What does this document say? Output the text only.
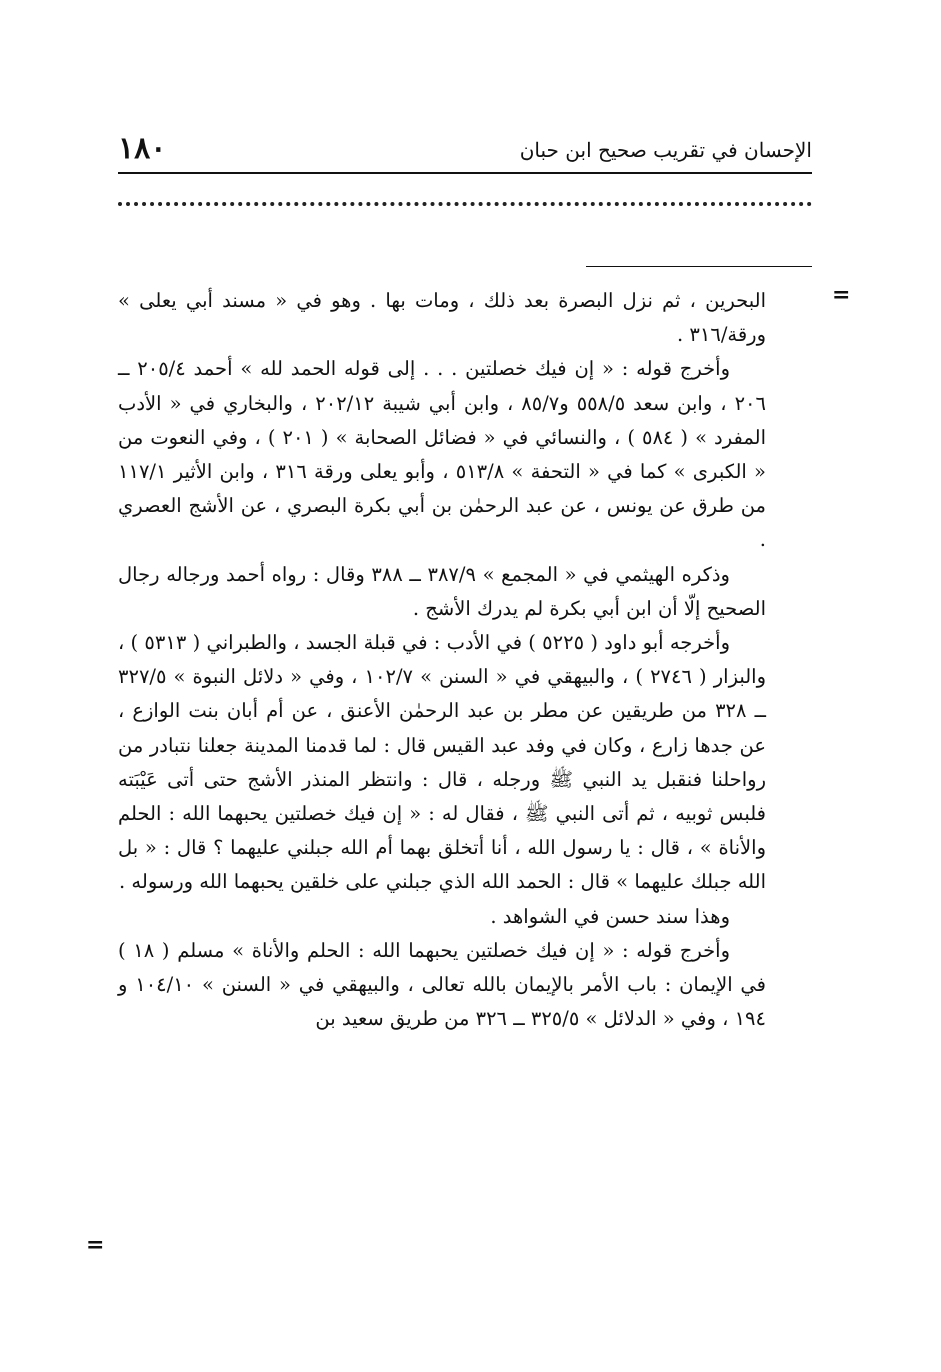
١٨٠	الإحسان في تقريب صحيح ابن حبان
=
=

البحرين ، ثم نزل البصرة بعد ذلك ، ومات بها . وهو في « مسند أبي يعلى » ورقة/٣١٦ .

وأخرج قوله : « إن فيك خصلتين . . . إلى قوله الحمد لله » أحمد ٢٠٥/٤ ــ ٢٠٦ ، وابن سعد ٥٥٨/٥ و٨٥/٧ ، وابن أبي شيبة ٢٠٢/١٢ ، والبخاري في « الأدب المفرد » ( ٥٨٤ ) ، والنسائي في « فضائل الصحابة » ( ٢٠١ ) ، وفي النعوت من « الكبرى » كما في « التحفة » ٥١٣/٨ ، وأبو يعلى ورقة ٣١٦ ، وابن الأثير ١١٧/١ من طرق عن يونس ، عن عبد الرحمٰن بن أبي بكرة البصري ، عن الأشج العصري .

وذكره الهيثمي في « المجمع » ٣٨٧/٩ ــ ٣٨٨ وقال : رواه أحمد ورجاله رجال الصحيح إلّا أن ابن أبي بكرة لم يدرك الأشج .

وأخرجه أبو داود ( ٥٢٢٥ ) في الأدب : في قبلة الجسد ، والطبراني ( ٥٣١٣ ) ، والبزار ( ٢٧٤٦ ) ، والبيهقي في « السنن » ١٠٢/٧ ، وفي « دلائل النبوة » ٣٢٧/٥ ــ ٣٢٨ من طريقين عن مطر بن عبد الرحمٰن الأعنق ، عن أم أبان بنت الوازع ، عن جدها زارع ، وكان في وفد عبد القيس قال : لما قدمنا المدينة جعلنا نتبادر من رواحلنا فنقبل يد النبي ﷺ ورجله ، قال : وانتظر المنذر الأشج حتى أتى عَيْبَته فلبس ثوبيه ، ثم أتى النبي ﷺ ، فقال له : « إن فيك خصلتين يحبهما الله : الحلم والأناة » ، قال : يا رسول الله ، أنا أتخلق بهما أم الله جبلني عليهما ؟ قال : « بل الله جبلك عليهما » قال : الحمد الله الذي جبلني على خلقين يحبهما الله ورسوله .

وهذا سند حسن في الشواهد .

وأخرج قوله : « إن فيك خصلتين يحبهما الله : الحلم والأناة » مسلم ( ١٨ ) في الإيمان : باب الأمر بالإيمان بالله تعالى ، والبيهقي في « السنن » ١٠٤/١٠ و ١٩٤ ، وفي « الدلائل » ٣٢٥/٥ ــ ٣٢٦ من طريق سعيد بن
